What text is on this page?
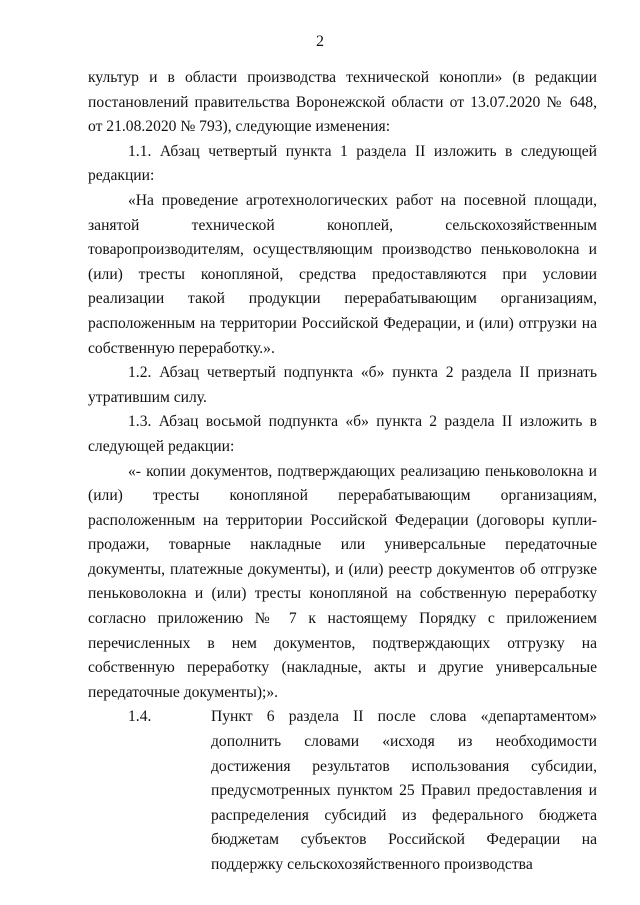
2

культур и в области производства технической конопли» (в редакции постановлений правительства Воронежской области от 13.07.2020 № 648, от 21.08.2020 № 793), следующие изменения:

1.1. Абзац четвертый пункта 1 раздела II изложить в следующей редакции:

«На проведение агротехнологических работ на посевной площади, занятой технической коноплей, сельскохозяйственным товаропроизводителям, осуществляющим производство пеньковолокна и (или) тресты конопляной, средства предоставляются при условии реализации такой продукции перерабатывающим организациям, расположенным на территории Российской Федерации, и (или) отгрузки на собственную переработку.».

1.2. Абзац четвертый подпункта «б» пункта 2 раздела II признать утратившим силу.

1.3. Абзац восьмой подпункта «б» пункта 2 раздела II изложить в следующей редакции:

«- копии документов, подтверждающих реализацию пеньковолокна и (или) тресты конопляной перерабатывающим организациям, расположенным на территории Российской Федерации (договоры купли-продажи, товарные накладные или универсальные передаточные документы, платежные документы), и (или) реестр документов об отгрузке пеньковолокна и (или) тресты конопляной на собственную переработку согласно приложению № 7 к настоящему Порядку с приложением перечисленных в нем документов, подтверждающих отгрузку на собственную переработку (накладные, акты и другие универсальные передаточные документы);».

1.4.	Пункт 6 раздела II после слова «департаментом» дополнить словами «исходя из необходимости достижения результатов использования субсидии, предусмотренных пунктом 25 Правил предоставления и распределения субсидий из федерального бюджета бюджетам субъектов Российской Федерации на поддержку сельскохозяйственного производства
